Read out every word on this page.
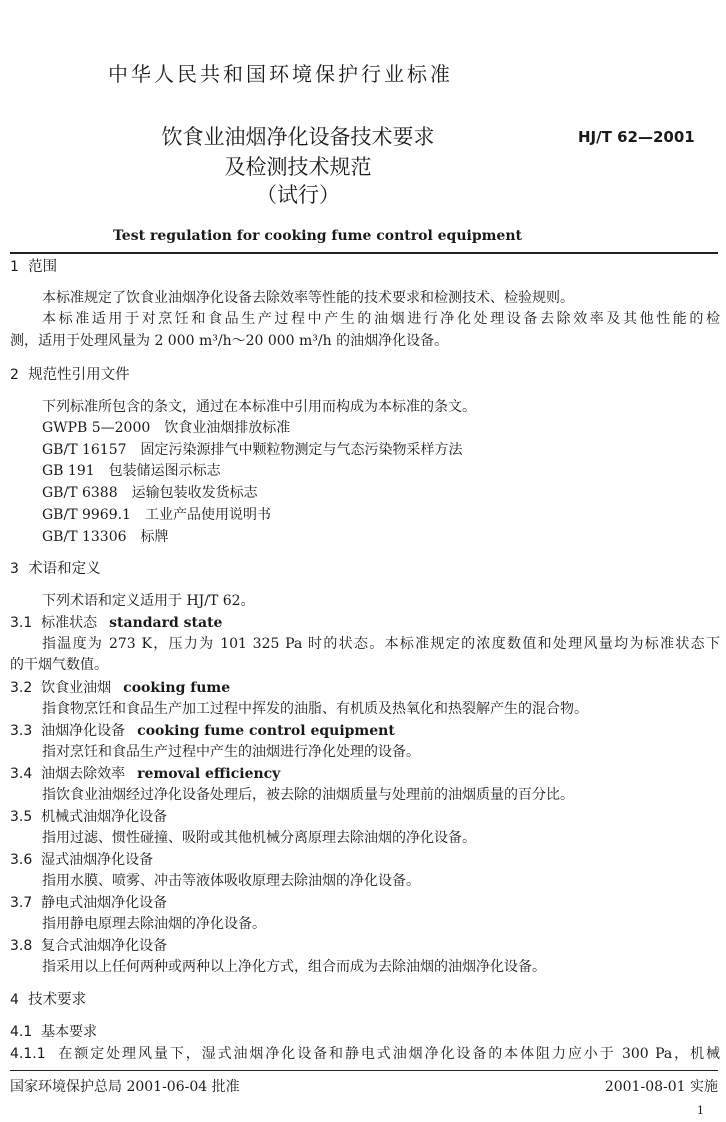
中华人民共和国环境保护行业标准
饮食业油烟净化设备技术要求
及检测技术规范
（试行）
HJ/T 62—2001
Test regulation for cooking fume control equipment
1 范围
本标准规定了饮食业油烟净化设备去除效率等性能的技术要求和检测技术、检验规则。
本标准适用于对烹饪和食品生产过程中产生的油烟进行净化处理设备去除效率及其他性能的检
测，适用于处理风量为 2 000 m³/h～20 000 m³/h 的油烟净化设备。
2 规范性引用文件
下列标准所包含的条文，通过在本标准中引用而构成为本标准的条文。
GWPB 5—2000　饮食业油烟排放标准
GB/T 16157　固定污染源排气中颗粒物测定与气态污染物采样方法
GB 191　包装储运图示标志
GB/T 6388　运输包装收发货标志
GB/T 9969.1　工业产品使用说明书
GB/T 13306　标牌
3 术语和定义
下列术语和定义适用于 HJ/T 62。
3.1 标准状态 standard state
指温度为 273 K，压力为 101 325 Pa 时的状态。本标准规定的浓度数值和处理风量均为标准状态下
的干烟气数值。
3.2 饮食业油烟 cooking fume
指食物烹饪和食品生产加工过程中挥发的油脂、有机质及热氧化和热裂解产生的混合物。
3.3 油烟净化设备 cooking fume control equipment
指对烹饪和食品生产过程中产生的油烟进行净化处理的设备。
3.4 油烟去除效率 removal efficiency
指饮食业油烟经过净化设备处理后，被去除的油烟质量与处理前的油烟质量的百分比。
3.5 机械式油烟净化设备
指用过滤、惯性碰撞、吸附或其他机械分离原理去除油烟的净化设备。
3.6 湿式油烟净化设备
指用水膜、喷雾、冲击等液体吸收原理去除油烟的净化设备。
3.7 静电式油烟净化设备
指用静电原理去除油烟的净化设备。
3.8 复合式油烟净化设备
指采用以上任何两种或两种以上净化方式，组合而成为去除油烟的油烟净化设备。
4 技术要求
4.1 基本要求
4.1.1 在额定处理风量下，湿式油烟净化设备和静电式油烟净化设备的本体阻力应小于 300 Pa，机械
国家环境保护总局 2001-06-04 批准	2001-08-01 实施
1
